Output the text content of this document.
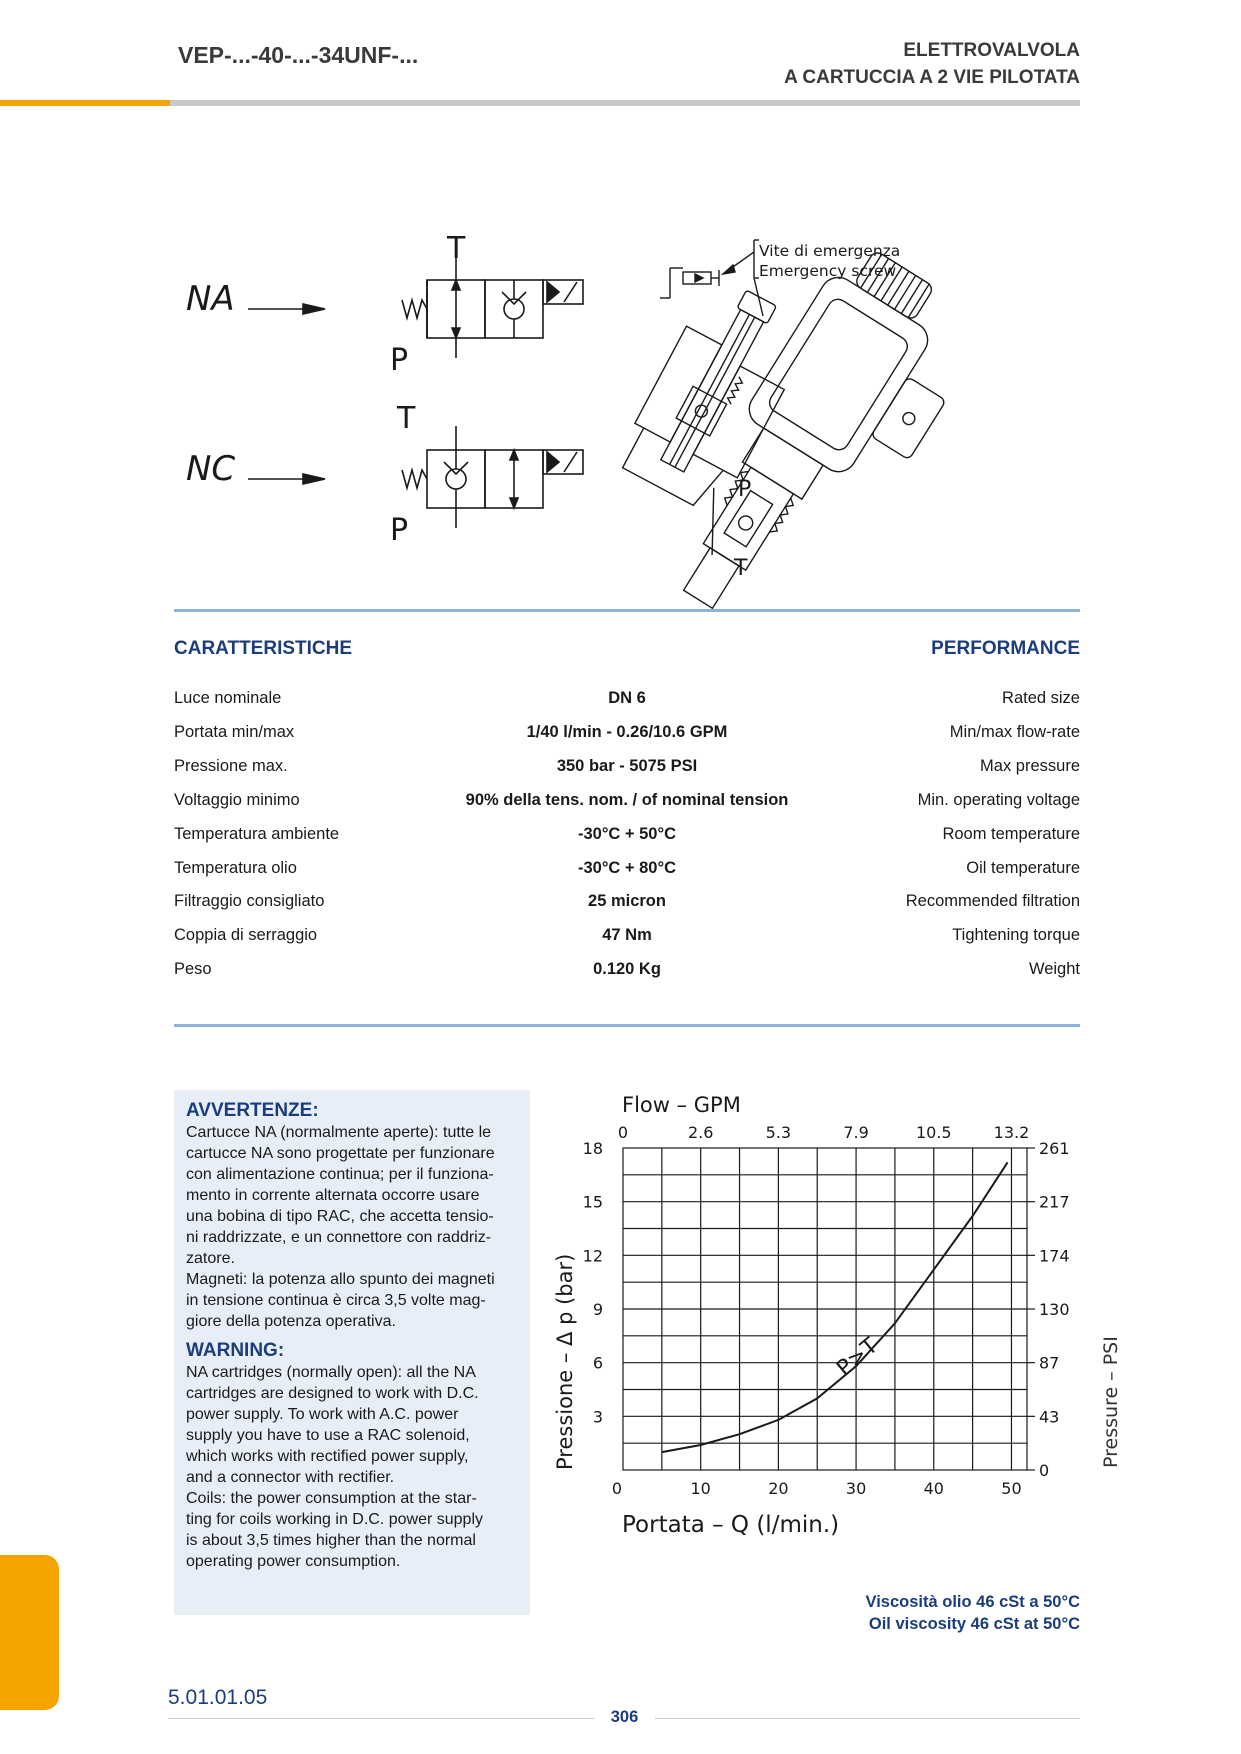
VEP-...-40-...-34UNF-...	ELETTROVALVOLA
A CARTUCCIA A 2 VIE PILOTATA
NA
T
P
NC
T
P
Vite di emergenza
Emergency screw
P
T
CARATTERISTICHE	PERFORMANCE
Luce nominale	DN 6	Rated size
Portata min/max	1/40 l/min - 0.26/10.6 GPM	Min/max flow-rate
Pressione max.	350 bar - 5075 PSI	Max pressure
Voltaggio minimo	90% della tens. nom. / of nominal tension	Min. operating voltage
Temperatura ambiente	-30°C + 50°C	Room temperature
Temperatura olio	-30°C + 80°C	Oil temperature
Filtraggio consigliato	25 micron	Recommended filtration
Coppia di serraggio	47 Nm	Tightening torque
Peso	0.120 Kg	Weight
AVVERTENZE:
Cartucce NA (normalmente aperte): tutte le
cartucce NA sono progettate per funzionare
con alimentazione continua; per il funziona-
mento in corrente alternata occorre usare
una bobina di tipo RAC, che accetta tensio-
ni raddrizzate, e un connettore con raddriz-
zatore.
Magneti: la potenza allo spunto dei magneti
in tensione continua è circa 3,5 volte mag-
giore della potenza operativa.
WARNING:
NA cartridges (normally open): all the NA
cartridges are designed to work with D.C.
power supply. To work with A.C. power
supply you have to use a RAC solenoid,
which works with rectified power supply,
and a connector with rectifier.
Coils: the power consumption at the star-
ting for coils working in D.C. power supply
is about 3,5 times higher than the normal
operating power consumption.
Flow – GPM
3
6
9
12
15
18
0	10	20	30	40	50
0	2.6	5.3	7.9	10.5	13.2
0
43
87
130
174
217
261
P>T
Portata – Q (l/min.)
Pressione – Δ p (bar)	Pressure – PSI
Viscosità olio 46 cSt a 50°C
Oil viscosity 46 cSt at 50°C
5.01.01.05
306
